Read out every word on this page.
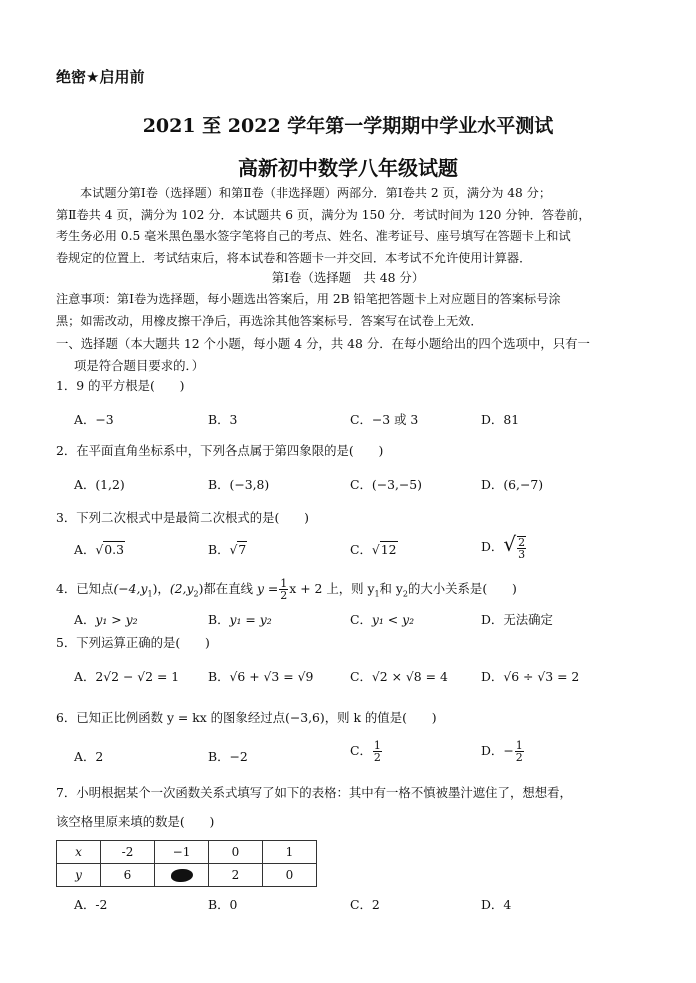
绝密★启用前
2021 至 2022 学年第一学期期中学业水平测试
高新初中数学八年级试题

本试题分第Ⅰ卷（选择题）和第Ⅱ卷（非选择题）两部分．第Ⅰ卷共 2 页，满分为 48 分；

第Ⅱ卷共 4 页，满分为 102 分．本试题共 6 页，满分为 150 分．考试时间为 120 分钟．答卷前，

考生务必用 0.5 毫米黑色墨水签字笔将自己的考点、姓名、准考证号、座号填写在答题卡上和试

卷规定的位置上．考试结束后，将本试卷和答题卡一并交回．本考试不允许使用计算器．

第Ⅰ卷（选择题　共 48 分）
注意事项：第Ⅰ卷为选择题，每小题选出答案后，用 2B 铅笔把答题卡上对应题目的答案标号涂
黑；如需改动，用橡皮擦干净后，再选涂其他答案标号．答案写在试卷上无效．
一、选择题（本大题共 12 个小题，每小题 4 分，共 48 分．在每小题给出的四个选项中，只有一
项是符合题目要求的．）
1．9 的平方根是(　　)
A．−3	B．3	C．−3 或 3	D．81
2．在平面直角坐标系中，下列各点属于第四象限的是(　　)
A．(1,2)	B．(−3,8)	C．(−3,−5)	D．(6,−7)
3．下列二次根式中是最简二次根式的是(　　)
A．√0.3	B．√7	C．√12	D．√ $\frac{2}{3}$
4．已知点$(-4,y_1)$，$(2,y_2)$都在直线 $y = \frac{1}{2}$ x + 2 上，则 $y_1$和 $y_2$的大小关系是(　　)
A．y₁ > y₂	B．y₁ = y₂	C．y₁ < y₂	D．无法确定
5．下列运算正确的是(　　)
A．2√2 − √2 = 1 B．√6 + √3 = √9	C．√2 × √8 = 4	D．√6 ÷ √3 = 2
6．已知正比例函数 y = kx 的图象经过点(−3,6)，则 k 的值是(　　)
A．2	B．−2	C． $\frac{1}{2}$	D．− $\frac{1}{2}$
7．小明根据某个一次函数关系式填写了如下的表格：其中有一格不慎被墨汁遮住了，想想看，
该空格里原来填的数是(　　)
x	-2	−1	0	1
y	6		2	0
A．-2	B．0	C．2	D．4
